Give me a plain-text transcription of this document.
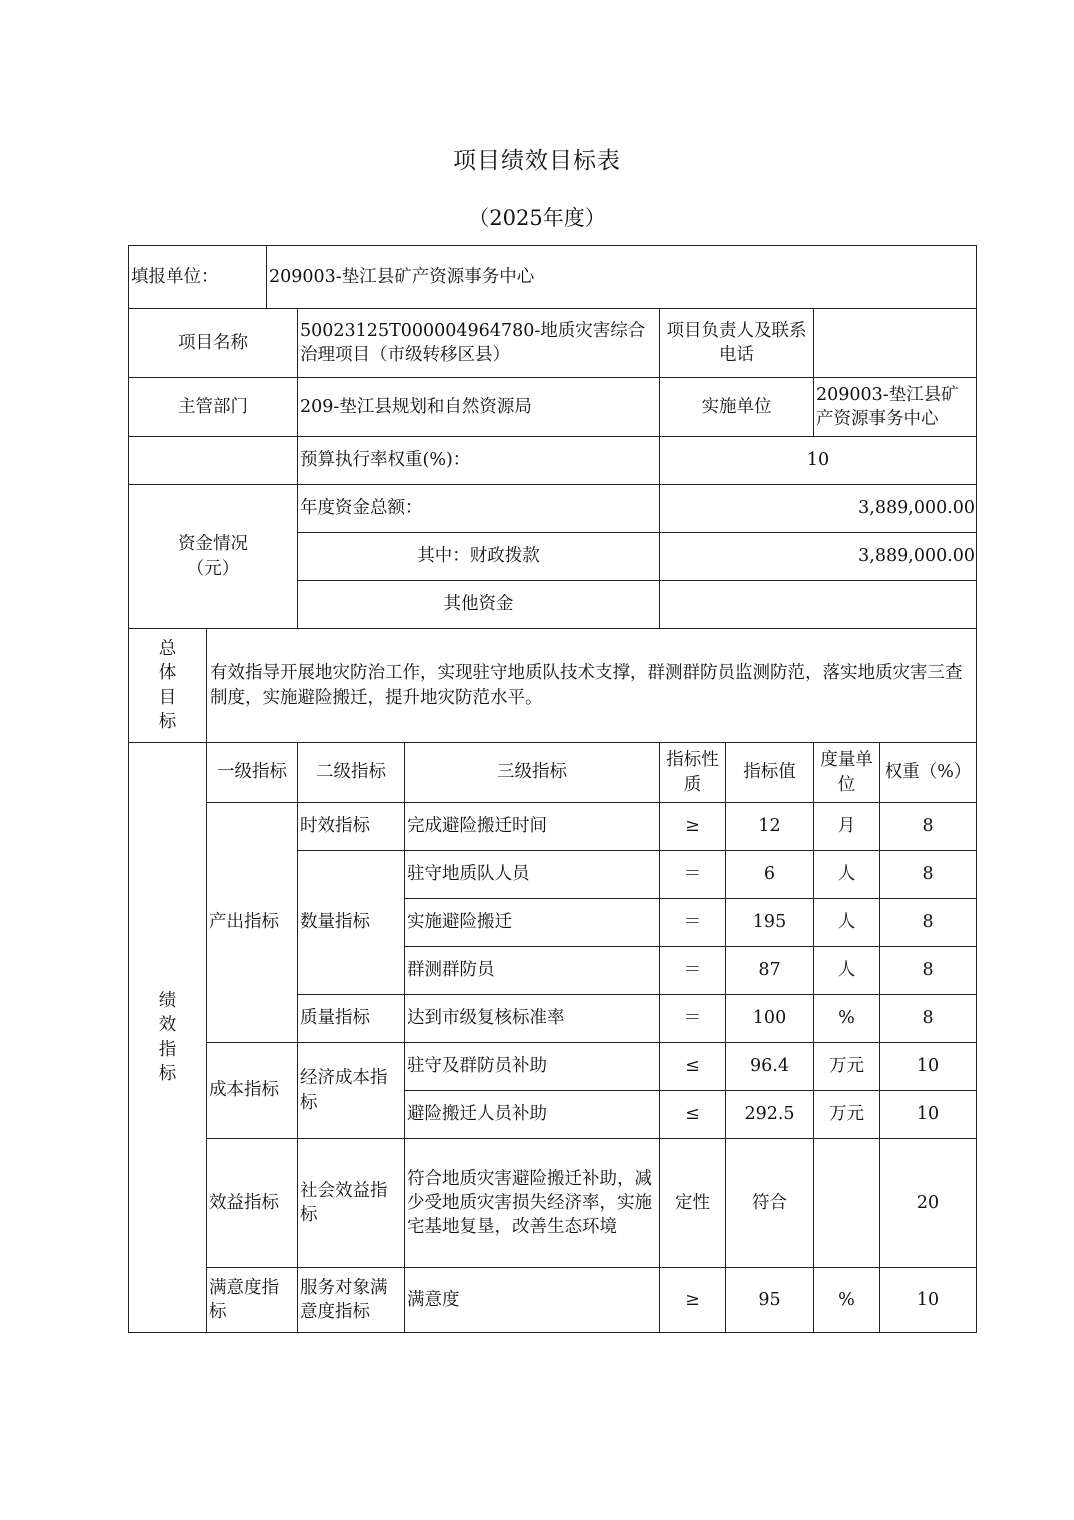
项目绩效目标表
（2025年度）
填报单位：		209003-垫江县矿产资源事务中心						
项目名称			50023125T000004964780-地质灾害综合治理项目（市级转移区县）		项目负责人及联系电话			
主管部门			209-垫江县规划和自然资源局		实施单位		209003-垫江县矿产资源事务中心	
			预算执行率权重(%)：		10			

资金情况（元）			年度资金总额：		3,889,000.00			
			其中：财政拨款		3,889,000.00			
			其他资金					

总体目标	有效指导开展地灾防治工作，实现驻守地质队技术支撑，群测群防员监测防范，落实地质灾害三查制度，实施避险搬迁，提升地灾防范水平。							

绩效指标	一级指标		二级指标	三级指标	指标性质	指标值	度量单位	权重（%）
	产出指标		时效指标	完成避险搬迁时间	≥	12	月	8
			数量指标	驻守地质队人员	＝	6	人	8
				实施避险搬迁	＝	195	人	8
				群测群防员	＝	87	人	8
			质量指标	达到市级复核标准率	＝	100	%	8
	成本指标		经济成本指标	驻守及群防员补助	≤	96.4	万元	10
				避险搬迁人员补助	≤	292.5	万元	10
	效益指标		社会效益指标	符合地质灾害避险搬迁补助，减少受地质灾害损失经济率，实施宅基地复垦，改善生态环境	定性	符合		20
	满意度指标		服务对象满意度指标	满意度	≥	95	%	10
